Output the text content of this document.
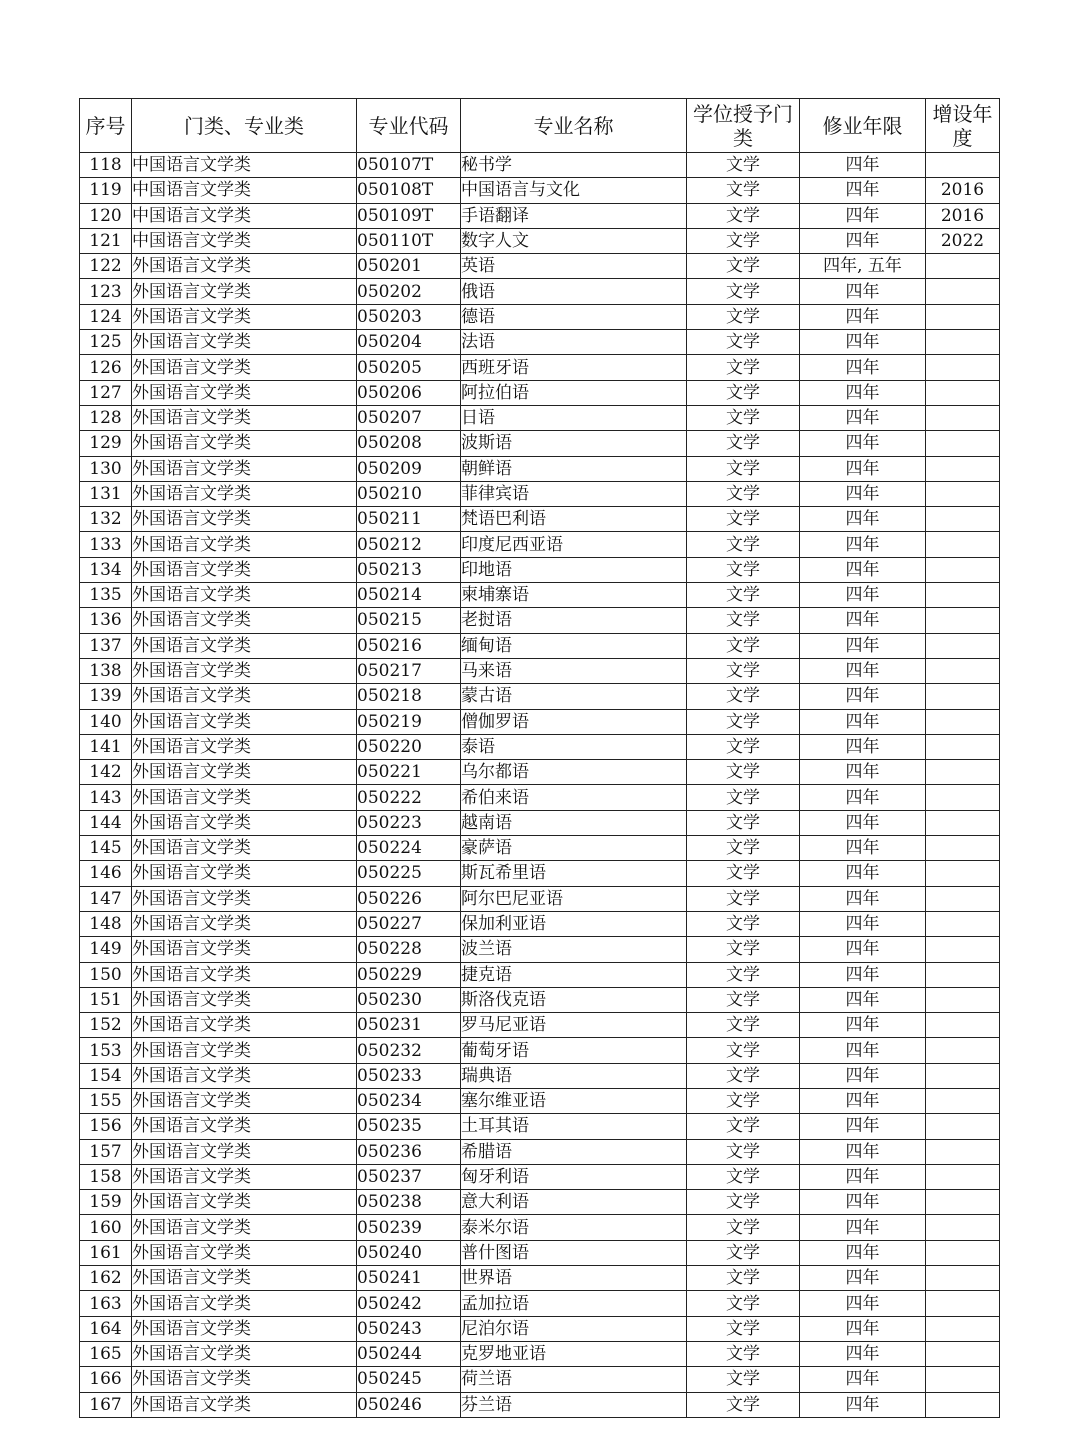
序号	门类、专业类	专业代码	专业名称	学位授予门类	修业年限	增设年度
118	中国语言文学类	050107T	秘书学	文学	四年	
119	中国语言文学类	050108T	中国语言与文化	文学	四年	2016
120	中国语言文学类	050109T	手语翻译	文学	四年	2016
121	中国语言文学类	050110T	数字人文	文学	四年	2022
122	外国语言文学类	050201	英语	文学	四年, 五年	
123	外国语言文学类	050202	俄语	文学	四年	
124	外国语言文学类	050203	德语	文学	四年	
125	外国语言文学类	050204	法语	文学	四年	
126	外国语言文学类	050205	西班牙语	文学	四年	
127	外国语言文学类	050206	阿拉伯语	文学	四年	
128	外国语言文学类	050207	日语	文学	四年	
129	外国语言文学类	050208	波斯语	文学	四年	
130	外国语言文学类	050209	朝鲜语	文学	四年	
131	外国语言文学类	050210	菲律宾语	文学	四年	
132	外国语言文学类	050211	梵语巴利语	文学	四年	
133	外国语言文学类	050212	印度尼西亚语	文学	四年	
134	外国语言文学类	050213	印地语	文学	四年	
135	外国语言文学类	050214	柬埔寨语	文学	四年	
136	外国语言文学类	050215	老挝语	文学	四年	
137	外国语言文学类	050216	缅甸语	文学	四年	
138	外国语言文学类	050217	马来语	文学	四年	
139	外国语言文学类	050218	蒙古语	文学	四年	
140	外国语言文学类	050219	僧伽罗语	文学	四年	
141	外国语言文学类	050220	泰语	文学	四年	
142	外国语言文学类	050221	乌尔都语	文学	四年	
143	外国语言文学类	050222	希伯来语	文学	四年	
144	外国语言文学类	050223	越南语	文学	四年	
145	外国语言文学类	050224	豪萨语	文学	四年	
146	外国语言文学类	050225	斯瓦希里语	文学	四年	
147	外国语言文学类	050226	阿尔巴尼亚语	文学	四年	
148	外国语言文学类	050227	保加利亚语	文学	四年	
149	外国语言文学类	050228	波兰语	文学	四年	
150	外国语言文学类	050229	捷克语	文学	四年	
151	外国语言文学类	050230	斯洛伐克语	文学	四年	
152	外国语言文学类	050231	罗马尼亚语	文学	四年	
153	外国语言文学类	050232	葡萄牙语	文学	四年	
154	外国语言文学类	050233	瑞典语	文学	四年	
155	外国语言文学类	050234	塞尔维亚语	文学	四年	
156	外国语言文学类	050235	土耳其语	文学	四年	
157	外国语言文学类	050236	希腊语	文学	四年	
158	外国语言文学类	050237	匈牙利语	文学	四年	
159	外国语言文学类	050238	意大利语	文学	四年	
160	外国语言文学类	050239	泰米尔语	文学	四年	
161	外国语言文学类	050240	普什图语	文学	四年	
162	外国语言文学类	050241	世界语	文学	四年	
163	外国语言文学类	050242	孟加拉语	文学	四年	
164	外国语言文学类	050243	尼泊尔语	文学	四年	
165	外国语言文学类	050244	克罗地亚语	文学	四年	
166	外国语言文学类	050245	荷兰语	文学	四年	
167	外国语言文学类	050246	芬兰语	文学	四年	
